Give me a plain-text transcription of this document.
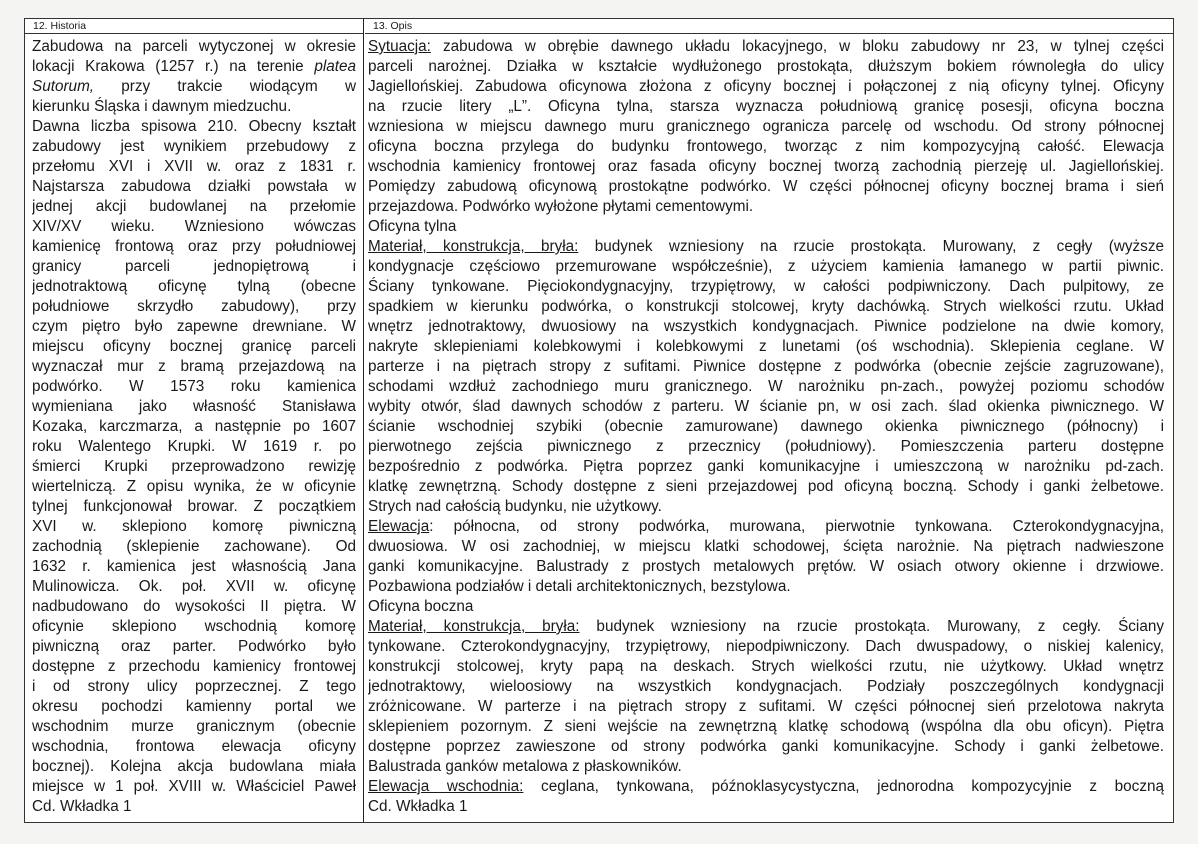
12. Historia
Zabudowa na parceli wytyczonej w okresie
lokacji Krakowa (1257 r.) na terenie platea
Sutorum, przy trakcie wiodącym w
kierunku Śląska i dawnym miedzuchu.
Dawna liczba spisowa 210. Obecny kształt
zabudowy jest wynikiem przebudowy z
przełomu XVI i XVII w. oraz z 1831 r.
Najstarsza zabudowa działki powstała w
jednej akcji budowlanej na przełomie
XIV/XV wieku. Wzniesiono wówczas
kamienicę frontową oraz przy południowej
granicy parceli jednopiętrową i
jednotraktową oficynę tylną (obecne
południowe skrzydło zabudowy), przy
czym piętro było zapewne drewniane. W
miejscu oficyny bocznej granicę parceli
wyznaczał mur z bramą przejazdową na
podwórko. W 1573 roku kamienica
wymieniana jako własność Stanisława
Kozaka, karczmarza, a następnie po 1607
roku Walentego Krupki. W 1619 r. po
śmierci Krupki przeprowadzono rewizję
wiertelniczą. Z opisu wynika, że w oficynie
tylnej funkcjonował browar. Z początkiem
XVI w. sklepiono komorę piwniczną
zachodnią (sklepienie zachowane). Od
1632 r. kamienica jest własnością Jana
Mulinowicza. Ok. poł. XVII w. oficynę
nadbudowano do wysokości II piętra. W
oficynie sklepiono wschodnią komorę
piwniczną oraz parter. Podwórko było
dostępne z przechodu kamienicy frontowej
i od strony ulicy poprzecznej. Z tego
okresu pochodzi kamienny portal we
wschodnim murze granicznym (obecnie
wschodnia, frontowa elewacja oficyny
bocznej). Kolejna akcja budowlana miała
miejsce w 1 poł. XVIII w. Właściciel Paweł
Cd. Wkładka 1
13. Opis
Sytuacja: zabudowa w obrębie dawnego układu lokacyjnego, w bloku zabudowy nr 23, w tylnej części
parceli narożnej. Działka w kształcie wydłużonego prostokąta, dłuższym bokiem równoległa do ulicy
Jagiellońskiej. Zabudowa oficynowa złożona z oficyny bocznej i połączonej z nią oficyny tylnej. Oficyny
na rzucie litery „L”. Oficyna tylna, starsza wyznacza południową granicę posesji, oficyna boczna
wzniesiona w miejscu dawnego muru granicznego ogranicza parcelę od wschodu. Od strony północnej
oficyna boczna przylega do budynku frontowego, tworząc z nim kompozycyjną całość. Elewacja
wschodnia kamienicy frontowej oraz fasada oficyny bocznej tworzą zachodnią pierzeję ul. Jagiellońskiej.
Pomiędzy zabudową oficynową prostokątne podwórko. W części północnej oficyny bocznej brama i sień
przejazdowa. Podwórko wyłożone płytami cementowymi.
Oficyna tylna
Materiał, konstrukcja, bryła: budynek wzniesiony na rzucie prostokąta. Murowany, z cegły (wyższe
kondygnacje częściowo przemurowane współcześnie), z użyciem kamienia łamanego w partii piwnic.
Ściany tynkowane. Pięciokondygnacyjny, trzypiętrowy, w całości podpiwniczony. Dach pulpitowy, ze
spadkiem w kierunku podwórka, o konstrukcji stolcowej, kryty dachówką. Strych wielkości rzutu. Układ
wnętrz jednotraktowy, dwuosiowy na wszystkich kondygnacjach. Piwnice podzielone na dwie komory,
nakryte sklepieniami kolebkowymi i kolebkowymi z lunetami (oś wschodnia). Sklepienia ceglane. W
parterze i na piętrach stropy z sufitami. Piwnice dostępne z podwórka (obecnie zejście zagruzowane),
schodami wzdłuż zachodniego muru granicznego. W narożniku pn-zach., powyżej poziomu schodów
wybity otwór, ślad dawnych schodów z parteru. W ścianie pn, w osi zach. ślad okienka piwnicznego. W
ścianie wschodniej szybiki (obecnie zamurowane) dawnego okienka piwnicznego (północny) i
pierwotnego zejścia piwnicznego z przecznicy (południowy). Pomieszczenia parteru dostępne
bezpośrednio z podwórka. Piętra poprzez ganki komunikacyjne i umieszczoną w narożniku pd-zach.
klatkę zewnętrzną. Schody dostępne z sieni przejazdowej pod oficyną boczną. Schody i ganki żelbetowe.
Strych nad całością budynku, nie użytkowy.
Elewacja: północna, od strony podwórka, murowana, pierwotnie tynkowana. Czterokondygnacyjna,
dwuosiowa. W osi zachodniej, w miejscu klatki schodowej, ścięta narożnie. Na piętrach nadwieszone
ganki komunikacyjne. Balustrady z prostych metalowych prętów. W osiach otwory okienne i drzwiowe.
Pozbawiona podziałów i detali architektonicznych, bezstylowa.
Oficyna boczna
Materiał, konstrukcja, bryła: budynek wzniesiony na rzucie prostokąta. Murowany, z cegły. Ściany
tynkowane. Czterokondygnacyjny, trzypiętrowy, niepodpiwniczony. Dach dwuspadowy, o niskiej kalenicy,
konstrukcji stolcowej, kryty papą na deskach. Strych wielkości rzutu, nie użytkowy. Układ wnętrz
jednotraktowy, wieloosiowy na wszystkich kondygnacjach. Podziały poszczególnych kondygnacji
zróżnicowane. W parterze i na piętrach stropy z sufitami. W części północnej sień przelotowa nakryta
sklepieniem pozornym. Z sieni wejście na zewnętrzną klatkę schodową (wspólna dla obu oficyn). Piętra
dostępne poprzez zawieszone od strony podwórka ganki komunikacyjne. Schody i ganki żelbetowe.
Balustrada ganków metalowa z płaskowników.
Elewacja wschodnia: ceglana, tynkowana, późnoklasycystyczna, jednorodna kompozycyjnie z boczną
Cd. Wkładka 1
